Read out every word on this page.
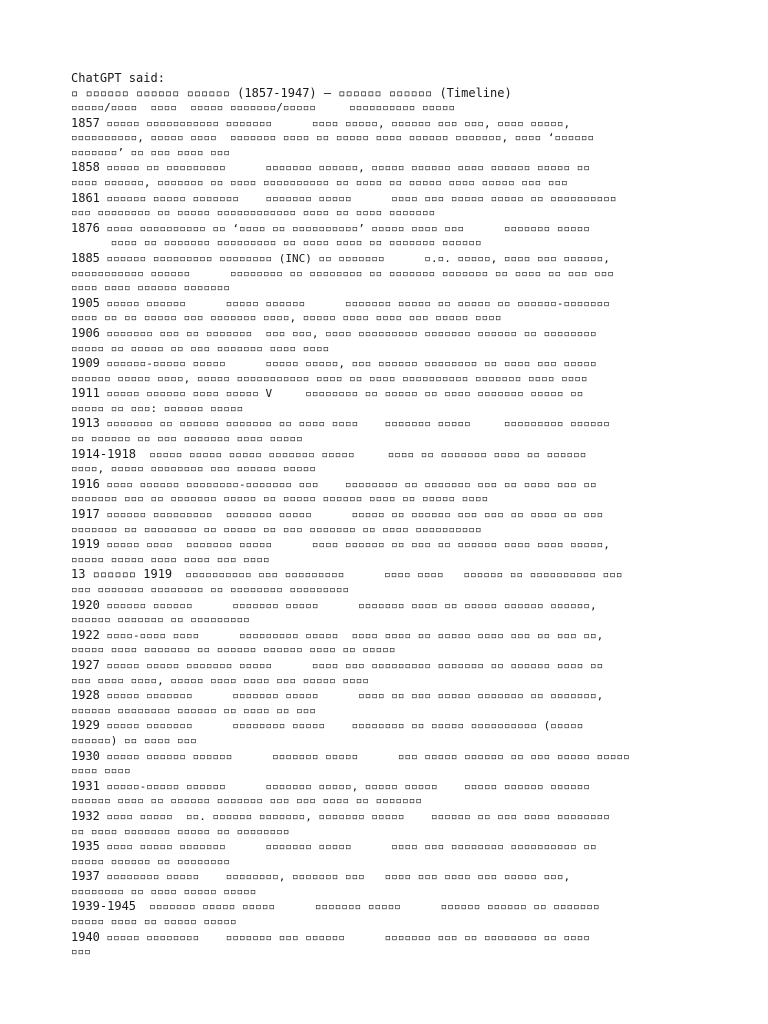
ChatGPT said:
▫ ▫▫▫▫▫▫ ▫▫▫▫▫▫ ▫▫▫▫▫▫ (1857-1947) – ▫▫▫▫▫▫ ▫▫▫▫▫▫ (Timeline)
▫▫▫▫▫/▫▫▫▫  ▫▫▫▫  ▫▫▫▫▫ ▫▫▫▫▫▫▫/▫▫▫▫▫     ▫▫▫▫▫▫▫▫▫▫ ▫▫▫▫▫
1857 ▫▫▫▫▫ ▫▫▫▫▫▫▫▫▫▫▫ ▫▫▫▫▫▫▫      ▫▫▫▫ ▫▫▫▫▫, ▫▫▫▫▫▫ ▫▫▫ ▫▫▫, ▫▫▫▫ ▫▫▫▫▫,
▫▫▫▫▫▫▫▫▫▫, ▫▫▫▫▫ ▫▫▫▫  ▫▫▫▫▫▫▫ ▫▫▫▫ ▫▫ ▫▫▫▫▫ ▫▫▫▫ ▫▫▫▫▫▫ ▫▫▫▫▫▫▫, ▫▫▫▫ ‘▫▫▫▫▫▫
▫▫▫▫▫▫▫’ ▫▫ ▫▫▫ ▫▫▫▫ ▫▫▫
1858 ▫▫▫▫▫ ▫▫ ▫▫▫▫▫▫▫▫▫      ▫▫▫▫▫▫▫ ▫▫▫▫▫▫, ▫▫▫▫▫ ▫▫▫▫▫▫ ▫▫▫▫ ▫▫▫▫▫▫ ▫▫▫▫▫ ▫▫
▫▫▫▫ ▫▫▫▫▫▫, ▫▫▫▫▫▫▫ ▫▫ ▫▫▫▫ ▫▫▫▫▫▫▫▫▫▫ ▫▫ ▫▫▫▫ ▫▫ ▫▫▫▫▫ ▫▫▫▫ ▫▫▫▫▫ ▫▫▫ ▫▫▫
1861 ▫▫▫▫▫▫ ▫▫▫▫▫ ▫▫▫▫▫▫▫    ▫▫▫▫▫▫▫ ▫▫▫▫▫      ▫▫▫▫ ▫▫▫ ▫▫▫▫▫ ▫▫▫▫▫ ▫▫ ▫▫▫▫▫▫▫▫▫▫
▫▫▫ ▫▫▫▫▫▫▫▫ ▫▫ ▫▫▫▫▫ ▫▫▫▫▫▫▫▫▫▫▫▫ ▫▫▫▫ ▫▫ ▫▫▫▫ ▫▫▫▫▫▫▫
1876 ▫▫▫▫ ▫▫▫▫▫▫▫▫▫▫ ▫▫ ‘▫▫▫▫ ▫▫ ▫▫▫▫▫▫▫▫▫▫’ ▫▫▫▫▫ ▫▫▫▫ ▫▫▫      ▫▫▫▫▫▫▫ ▫▫▫▫▫
▫▫▫▫ ▫▫ ▫▫▫▫▫▫▫ ▫▫▫▫▫▫▫▫▫ ▫▫ ▫▫▫▫ ▫▫▫▫ ▫▫ ▫▫▫▫▫▫▫ ▫▫▫▫▫▫
1885 ▫▫▫▫▫▫ ▫▫▫▫▫▫▫▫▫ ▫▫▫▫▫▫▫▫ (INC) ▫▫ ▫▫▫▫▫▫▫      ▫.▫. ▫▫▫▫▫, ▫▫▫▫ ▫▫▫ ▫▫▫▫▫▫,
▫▫▫▫▫▫▫▫▫▫▫ ▫▫▫▫▫▫      ▫▫▫▫▫▫▫▫ ▫▫ ▫▫▫▫▫▫▫▫ ▫▫ ▫▫▫▫▫▫▫ ▫▫▫▫▫▫▫ ▫▫ ▫▫▫▫ ▫▫ ▫▫▫ ▫▫▫
▫▫▫▫ ▫▫▫▫ ▫▫▫▫▫▫ ▫▫▫▫▫▫▫
1905 ▫▫▫▫▫ ▫▫▫▫▫▫      ▫▫▫▫▫ ▫▫▫▫▫▫      ▫▫▫▫▫▫▫ ▫▫▫▫▫ ▫▫ ▫▫▫▫▫ ▫▫ ▫▫▫▫▫▫-▫▫▫▫▫▫▫
▫▫▫▫ ▫▫ ▫▫ ▫▫▫▫▫ ▫▫▫ ▫▫▫▫▫▫▫ ▫▫▫▫, ▫▫▫▫▫ ▫▫▫▫ ▫▫▫▫ ▫▫▫ ▫▫▫▫▫ ▫▫▫▫
1906 ▫▫▫▫▫▫▫ ▫▫▫ ▫▫ ▫▫▫▫▫▫▫  ▫▫▫ ▫▫▫, ▫▫▫▫ ▫▫▫▫▫▫▫▫▫ ▫▫▫▫▫▫▫ ▫▫▫▫▫▫ ▫▫ ▫▫▫▫▫▫▫▫
▫▫▫▫▫ ▫▫ ▫▫▫▫▫ ▫▫ ▫▫▫ ▫▫▫▫▫▫▫ ▫▫▫▫ ▫▫▫▫
1909 ▫▫▫▫▫▫-▫▫▫▫▫ ▫▫▫▫▫      ▫▫▫▫▫ ▫▫▫▫▫, ▫▫▫ ▫▫▫▫▫▫ ▫▫▫▫▫▫▫▫ ▫▫ ▫▫▫▫ ▫▫▫ ▫▫▫▫▫
▫▫▫▫▫▫ ▫▫▫▫▫ ▫▫▫▫, ▫▫▫▫▫ ▫▫▫▫▫▫▫▫▫▫▫ ▫▫▫▫ ▫▫ ▫▫▫▫ ▫▫▫▫▫▫▫▫▫▫ ▫▫▫▫▫▫▫ ▫▫▫▫ ▫▫▫▫
1911 ▫▫▫▫▫ ▫▫▫▫▫▫ ▫▫▫▫ ▫▫▫▫▫ V     ▫▫▫▫▫▫▫▫ ▫▫ ▫▫▫▫▫ ▫▫ ▫▫▫▫ ▫▫▫▫▫▫▫ ▫▫▫▫▫ ▫▫
▫▫▫▫▫ ▫▫ ▫▫▫: ▫▫▫▫▫▫ ▫▫▫▫▫
1913 ▫▫▫▫▫▫▫ ▫▫ ▫▫▫▫▫▫ ▫▫▫▫▫▫▫ ▫▫ ▫▫▫▫ ▫▫▫▫    ▫▫▫▫▫▫▫ ▫▫▫▫▫     ▫▫▫▫▫▫▫▫▫ ▫▫▫▫▫▫
▫▫ ▫▫▫▫▫▫ ▫▫ ▫▫▫ ▫▫▫▫▫▫▫ ▫▫▫▫ ▫▫▫▫▫
1914-1918  ▫▫▫▫▫ ▫▫▫▫▫ ▫▫▫▫▫ ▫▫▫▫▫▫▫ ▫▫▫▫▫     ▫▫▫▫ ▫▫ ▫▫▫▫▫▫▫ ▫▫▫▫ ▫▫ ▫▫▫▫▫▫
▫▫▫▫, ▫▫▫▫▫ ▫▫▫▫▫▫▫▫ ▫▫▫ ▫▫▫▫▫▫ ▫▫▫▫▫
1916 ▫▫▫▫ ▫▫▫▫▫▫ ▫▫▫▫▫▫▫▫-▫▫▫▫▫▫▫ ▫▫▫    ▫▫▫▫▫▫▫▫ ▫▫ ▫▫▫▫▫▫▫ ▫▫▫ ▫▫ ▫▫▫▫ ▫▫▫ ▫▫
▫▫▫▫▫▫▫ ▫▫▫ ▫▫ ▫▫▫▫▫▫▫ ▫▫▫▫▫ ▫▫ ▫▫▫▫▫ ▫▫▫▫▫▫ ▫▫▫▫ ▫▫ ▫▫▫▫▫ ▫▫▫▫
1917 ▫▫▫▫▫▫ ▫▫▫▫▫▫▫▫▫  ▫▫▫▫▫▫▫ ▫▫▫▫▫      ▫▫▫▫▫ ▫▫ ▫▫▫▫▫▫ ▫▫▫ ▫▫▫ ▫▫ ▫▫▫▫ ▫▫ ▫▫▫
▫▫▫▫▫▫▫ ▫▫ ▫▫▫▫▫▫▫▫ ▫▫ ▫▫▫▫▫ ▫▫ ▫▫▫ ▫▫▫▫▫▫▫ ▫▫ ▫▫▫▫ ▫▫▫▫▫▫▫▫▫▫
1919 ▫▫▫▫▫ ▫▫▫▫  ▫▫▫▫▫▫▫ ▫▫▫▫▫      ▫▫▫▫ ▫▫▫▫▫▫ ▫▫ ▫▫▫ ▫▫ ▫▫▫▫▫▫ ▫▫▫▫ ▫▫▫▫ ▫▫▫▫▫,
▫▫▫▫▫ ▫▫▫▫▫ ▫▫▫▫ ▫▫▫▫ ▫▫▫ ▫▫▫▫
13 ▫▫▫▫▫▫ 1919  ▫▫▫▫▫▫▫▫▫▫ ▫▫▫ ▫▫▫▫▫▫▫▫▫      ▫▫▫▫ ▫▫▫▫   ▫▫▫▫▫▫ ▫▫ ▫▫▫▫▫▫▫▫▫▫ ▫▫▫
▫▫▫ ▫▫▫▫▫▫▫ ▫▫▫▫▫▫▫▫ ▫▫ ▫▫▫▫▫▫▫▫ ▫▫▫▫▫▫▫▫▫
1920 ▫▫▫▫▫▫ ▫▫▫▫▫▫      ▫▫▫▫▫▫▫ ▫▫▫▫▫      ▫▫▫▫▫▫▫ ▫▫▫▫ ▫▫ ▫▫▫▫▫ ▫▫▫▫▫▫ ▫▫▫▫▫▫,
▫▫▫▫▫▫ ▫▫▫▫▫▫▫ ▫▫ ▫▫▫▫▫▫▫▫▫
1922 ▫▫▫▫-▫▫▫▫ ▫▫▫▫      ▫▫▫▫▫▫▫▫▫ ▫▫▫▫▫  ▫▫▫▫ ▫▫▫▫ ▫▫ ▫▫▫▫▫ ▫▫▫▫ ▫▫▫ ▫▫ ▫▫▫ ▫▫,
▫▫▫▫▫ ▫▫▫▫ ▫▫▫▫▫▫▫ ▫▫ ▫▫▫▫▫▫ ▫▫▫▫▫▫ ▫▫▫▫ ▫▫ ▫▫▫▫▫
1927 ▫▫▫▫▫ ▫▫▫▫▫ ▫▫▫▫▫▫▫ ▫▫▫▫▫      ▫▫▫▫ ▫▫▫ ▫▫▫▫▫▫▫▫▫ ▫▫▫▫▫▫▫ ▫▫ ▫▫▫▫▫▫ ▫▫▫▫ ▫▫
▫▫▫ ▫▫▫▫ ▫▫▫▫, ▫▫▫▫▫ ▫▫▫▫ ▫▫▫▫ ▫▫▫ ▫▫▫▫▫ ▫▫▫▫
1928 ▫▫▫▫▫ ▫▫▫▫▫▫▫      ▫▫▫▫▫▫▫ ▫▫▫▫▫      ▫▫▫▫ ▫▫ ▫▫▫ ▫▫▫▫▫ ▫▫▫▫▫▫▫ ▫▫ ▫▫▫▫▫▫▫,
▫▫▫▫▫▫ ▫▫▫▫▫▫▫▫ ▫▫▫▫▫▫ ▫▫ ▫▫▫▫ ▫▫ ▫▫▫
1929 ▫▫▫▫▫ ▫▫▫▫▫▫▫      ▫▫▫▫▫▫▫▫ ▫▫▫▫▫    ▫▫▫▫▫▫▫▫ ▫▫ ▫▫▫▫▫ ▫▫▫▫▫▫▫▫▫▫ (▫▫▫▫▫
▫▫▫▫▫▫) ▫▫ ▫▫▫▫ ▫▫▫
1930 ▫▫▫▫▫ ▫▫▫▫▫▫ ▫▫▫▫▫▫      ▫▫▫▫▫▫▫ ▫▫▫▫▫      ▫▫▫ ▫▫▫▫▫ ▫▫▫▫▫▫ ▫▫ ▫▫▫ ▫▫▫▫▫ ▫▫▫▫▫
▫▫▫▫ ▫▫▫▫
1931 ▫▫▫▫▫-▫▫▫▫▫ ▫▫▫▫▫▫      ▫▫▫▫▫▫▫ ▫▫▫▫▫, ▫▫▫▫▫ ▫▫▫▫▫    ▫▫▫▫▫ ▫▫▫▫▫▫ ▫▫▫▫▫▫
▫▫▫▫▫▫ ▫▫▫▫ ▫▫ ▫▫▫▫▫▫ ▫▫▫▫▫▫▫ ▫▫▫ ▫▫▫ ▫▫▫▫ ▫▫ ▫▫▫▫▫▫▫
1932 ▫▫▫▫ ▫▫▫▫▫  ▫▫. ▫▫▫▫▫▫ ▫▫▫▫▫▫▫, ▫▫▫▫▫▫▫ ▫▫▫▫▫    ▫▫▫▫▫▫ ▫▫ ▫▫▫ ▫▫▫▫ ▫▫▫▫▫▫▫▫
▫▫ ▫▫▫▫ ▫▫▫▫▫▫▫ ▫▫▫▫▫ ▫▫ ▫▫▫▫▫▫▫▫
1935 ▫▫▫▫ ▫▫▫▫▫ ▫▫▫▫▫▫▫      ▫▫▫▫▫▫▫ ▫▫▫▫▫      ▫▫▫▫ ▫▫▫ ▫▫▫▫▫▫▫▫ ▫▫▫▫▫▫▫▫▫▫ ▫▫
▫▫▫▫▫ ▫▫▫▫▫▫ ▫▫ ▫▫▫▫▫▫▫▫
1937 ▫▫▫▫▫▫▫▫ ▫▫▫▫▫    ▫▫▫▫▫▫▫▫, ▫▫▫▫▫▫▫ ▫▫▫   ▫▫▫▫ ▫▫▫ ▫▫▫▫ ▫▫▫ ▫▫▫▫▫ ▫▫▫,
▫▫▫▫▫▫▫▫ ▫▫ ▫▫▫▫ ▫▫▫▫▫ ▫▫▫▫▫
1939-1945  ▫▫▫▫▫▫▫ ▫▫▫▫▫ ▫▫▫▫▫      ▫▫▫▫▫▫▫ ▫▫▫▫▫      ▫▫▫▫▫▫ ▫▫▫▫▫▫ ▫▫ ▫▫▫▫▫▫▫
▫▫▫▫▫ ▫▫▫▫ ▫▫ ▫▫▫▫▫ ▫▫▫▫▫
1940 ▫▫▫▫▫ ▫▫▫▫▫▫▫▫    ▫▫▫▫▫▫▫ ▫▫▫ ▫▫▫▫▫▫      ▫▫▫▫▫▫▫ ▫▫▫ ▫▫ ▫▫▫▫▫▫▫▫ ▫▫ ▫▫▫▫
▫▫▫
